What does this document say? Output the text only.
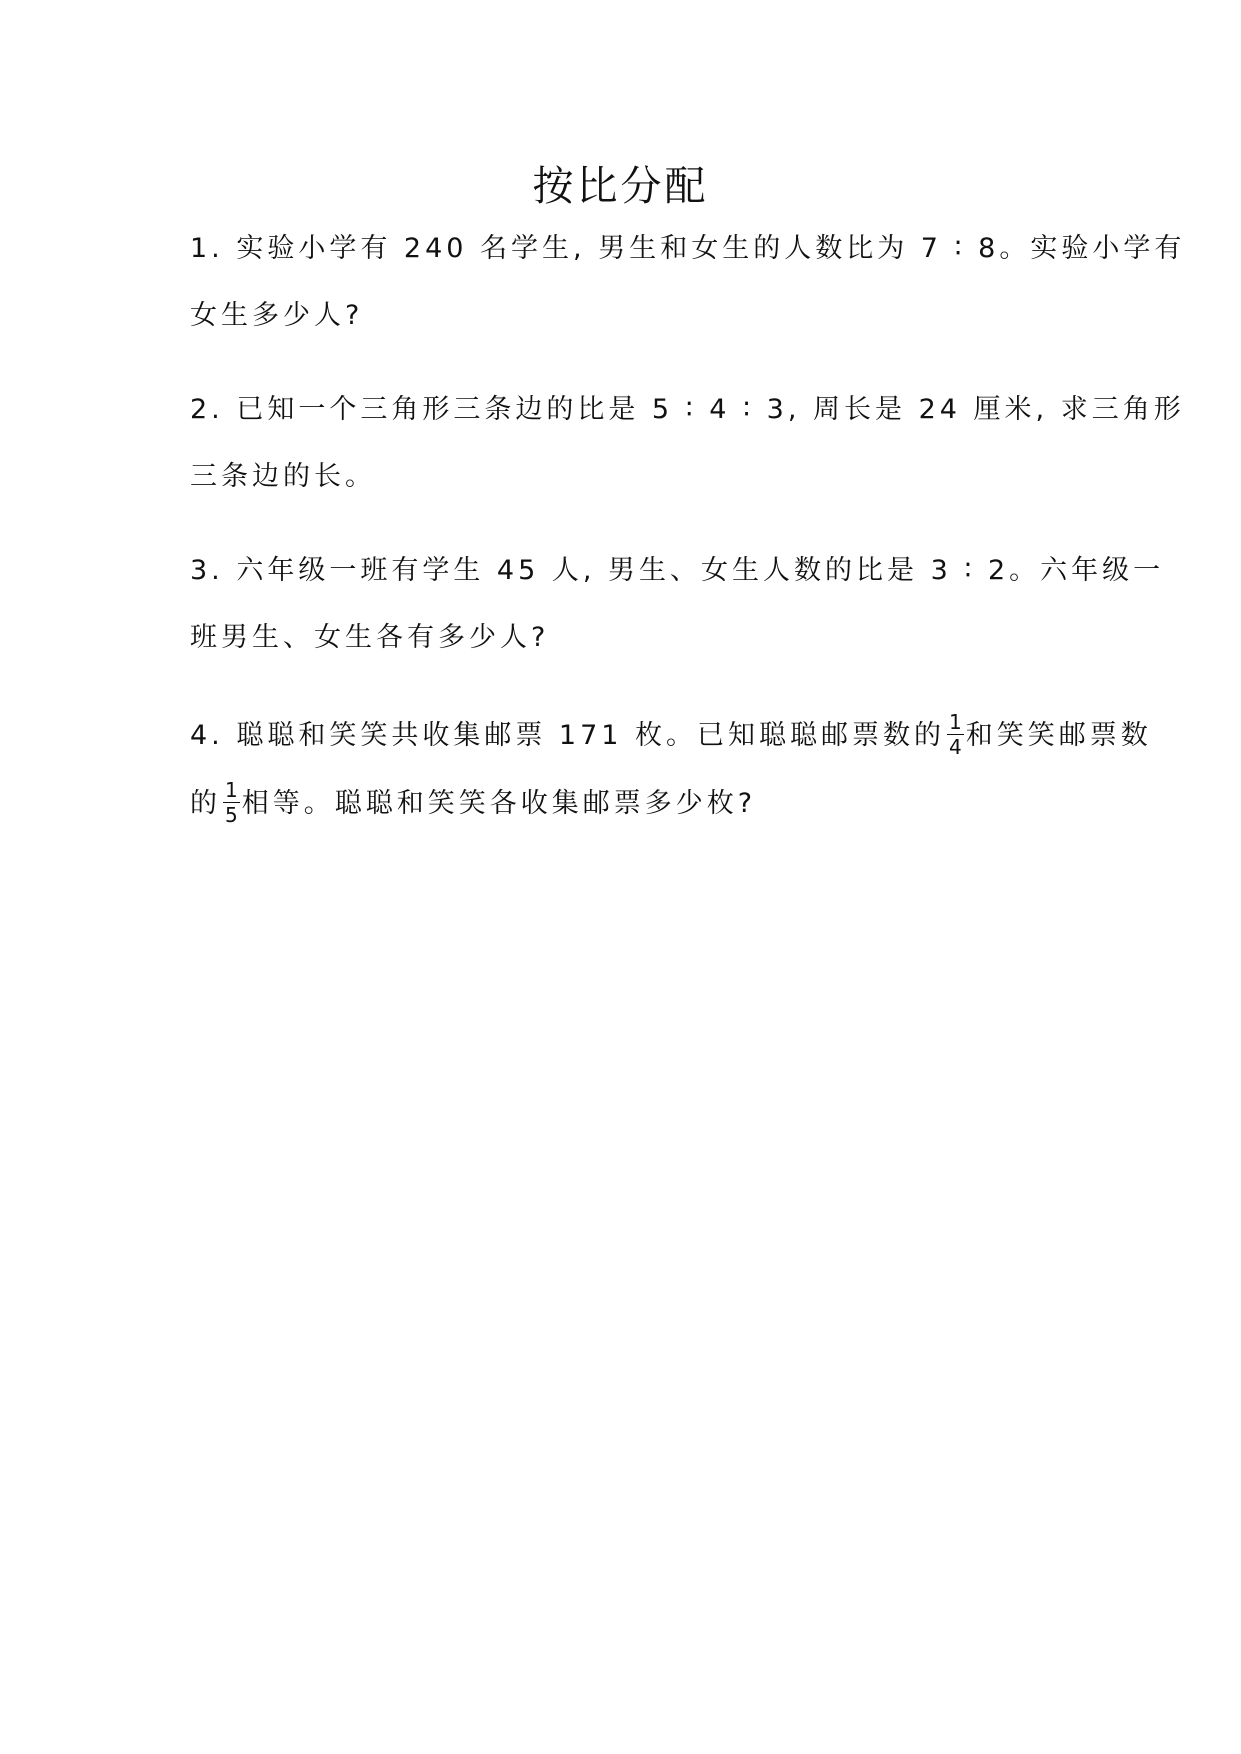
按比分配
1. 实验小学有 240 名学生, 男生和女生的人数比为 7 ∶ 8。实验小学有
女生多少人?
2. 已知一个三角形三条边的比是 5 ∶ 4 ∶ 3, 周长是 24 厘米, 求三角形
三条边的长。
3. 六年级一班有学生 45 人, 男生、女生人数的比是 3 ∶ 2。六年级一
班男生、女生各有多少人?
4. 聪聪和笑笑共收集邮票 171 枚。已知聪聪邮票数的 $\frac{1}{4}$ 和笑笑邮票数
的 $\frac{1}{5}$ 相等。聪聪和笑笑各收集邮票多少枚?
